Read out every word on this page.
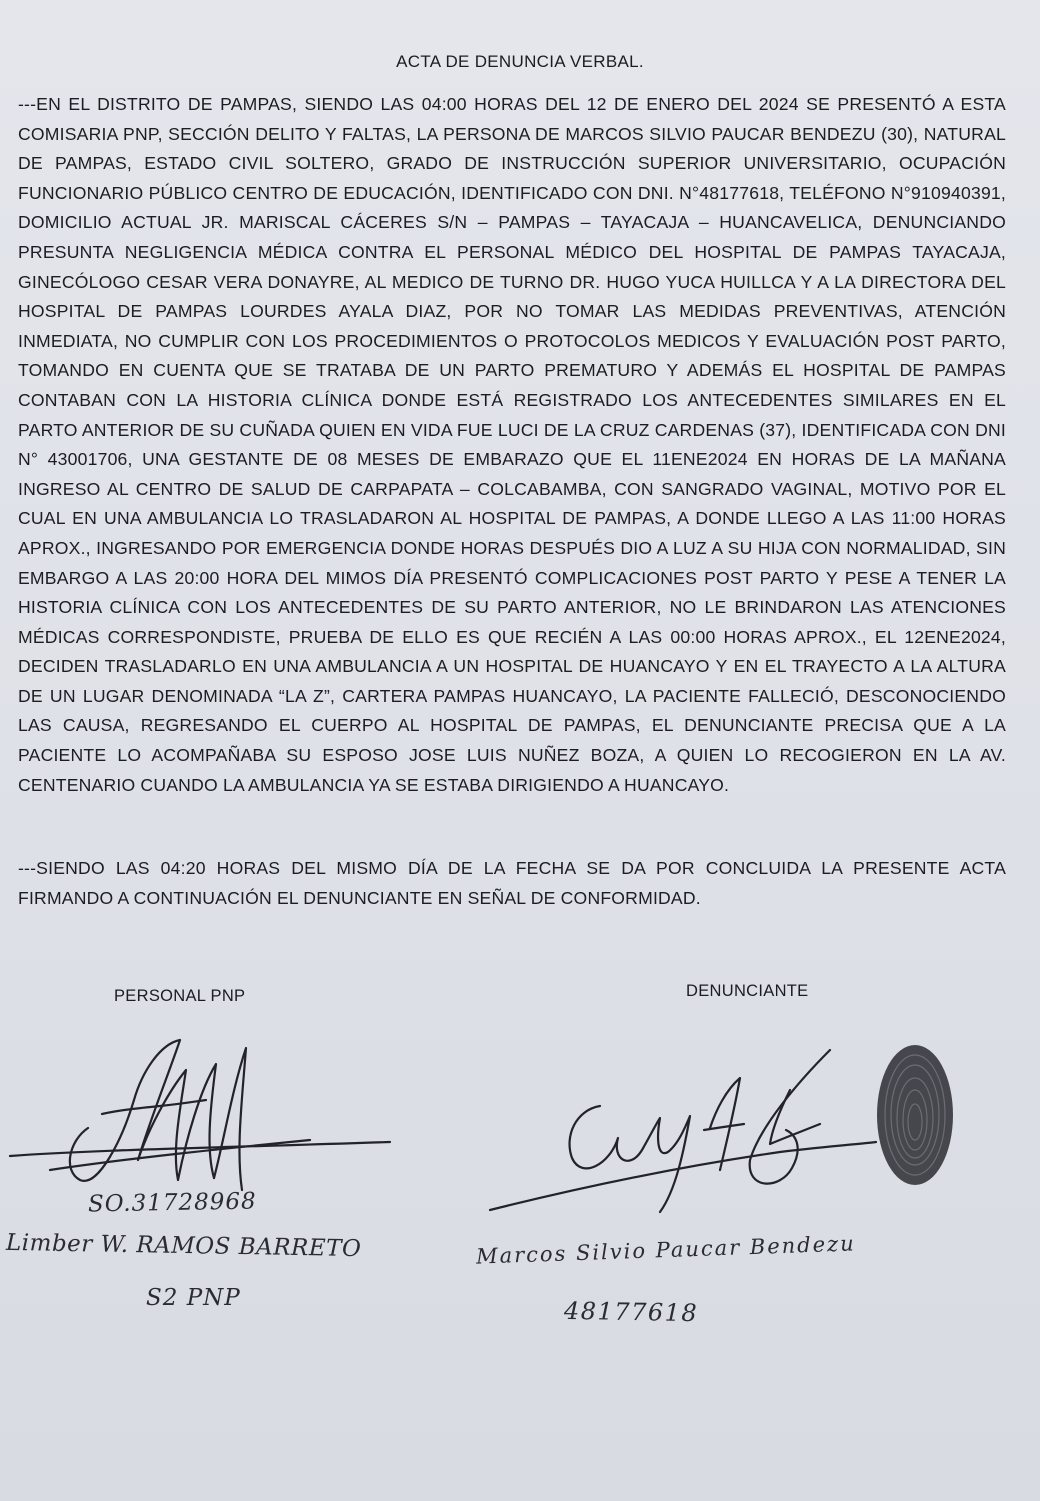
ACTA DE DENUNCIA VERBAL.
---EN EL DISTRITO DE PAMPAS, SIENDO LAS 04:00 HORAS DEL 12 DE ENERO DEL 2024 SE PRESENTÓ A ESTA COMISARIA PNP, SECCIÓN DELITO Y FALTAS, LA PERSONA DE MARCOS SILVIO PAUCAR BENDEZU (30), NATURAL DE PAMPAS, ESTADO CIVIL SOLTERO, GRADO DE INSTRUCCIÓN SUPERIOR UNIVERSITARIO, OCUPACIÓN FUNCIONARIO PÚBLICO CENTRO DE EDUCACIÓN, IDENTIFICADO CON DNI. N°48177618, TELÉFONO N°910940391, DOMICILIO ACTUAL JR. MARISCAL CÁCERES S/N – PAMPAS – TAYACAJA – HUANCAVELICA, DENUNCIANDO PRESUNTA NEGLIGENCIA MÉDICA CONTRA EL PERSONAL MÉDICO DEL HOSPITAL DE PAMPAS TAYACAJA, GINECÓLOGO CESAR VERA DONAYRE, AL MEDICO DE TURNO DR. HUGO YUCA HUILLCA Y A LA DIRECTORA DEL HOSPITAL DE PAMPAS LOURDES AYALA DIAZ, POR NO TOMAR LAS MEDIDAS PREVENTIVAS, ATENCIÓN INMEDIATA, NO CUMPLIR CON LOS PROCEDIMIENTOS O PROTOCOLOS MEDICOS Y EVALUACIÓN POST PARTO, TOMANDO EN CUENTA QUE SE TRATABA DE UN PARTO PREMATURO Y ADEMÁS EL HOSPITAL DE PAMPAS CONTABAN CON LA HISTORIA CLÍNICA DONDE ESTÁ REGISTRADO LOS ANTECEDENTES SIMILARES EN EL PARTO ANTERIOR DE SU CUÑADA QUIEN EN VIDA FUE LUCI DE LA CRUZ CARDENAS (37), IDENTIFICADA CON DNI N° 43001706, UNA GESTANTE DE 08 MESES DE EMBARAZO QUE EL 11ENE2024 EN HORAS DE LA MAÑANA INGRESO AL CENTRO DE SALUD DE CARPAPATA – COLCABAMBA, CON SANGRADO VAGINAL, MOTIVO POR EL CUAL EN UNA AMBULANCIA LO TRASLADARON AL HOSPITAL DE PAMPAS, A DONDE LLEGO A LAS 11:00 HORAS APROX., INGRESANDO POR EMERGENCIA DONDE HORAS DESPUÉS DIO A LUZ A SU HIJA CON NORMALIDAD, SIN EMBARGO A LAS 20:00 HORA DEL MIMOS DÍA PRESENTÓ COMPLICACIONES POST PARTO Y PESE A TENER LA HISTORIA CLÍNICA CON LOS ANTECEDENTES DE SU PARTO ANTERIOR, NO LE BRINDARON LAS ATENCIONES MÉDICAS CORRESPONDISTE, PRUEBA DE ELLO ES QUE RECIÉN A LAS 00:00 HORAS APROX., EL 12ENE2024, DECIDEN TRASLADARLO EN UNA AMBULANCIA A UN HOSPITAL DE HUANCAYO Y EN EL TRAYECTO A LA ALTURA DE UN LUGAR DENOMINADA “LA Z”, CARTERA PAMPAS HUANCAYO, LA PACIENTE FALLECIÓ, DESCONOCIENDO LAS CAUSA, REGRESANDO EL CUERPO AL HOSPITAL DE PAMPAS, EL DENUNCIANTE PRECISA QUE A LA PACIENTE LO ACOMPAÑABA SU ESPOSO JOSE LUIS NUÑEZ BOZA, A QUIEN LO RECOGIERON EN LA AV. CENTENARIO CUANDO LA AMBULANCIA YA SE ESTABA DIRIGIENDO A HUANCAYO.
---SIENDO LAS 04:20 HORAS DEL MISMO DÍA DE LA FECHA SE DA POR CONCLUIDA LA PRESENTE ACTA FIRMANDO A CONTINUACIÓN EL DENUNCIANTE EN SEÑAL DE CONFORMIDAD.
PERSONAL PNP	DENUNCIANTE
SO.31728968
Limber W. RAMOS BARRETO
S2 PNP
Marcos Silvio Paucar Bendezu
48177618
